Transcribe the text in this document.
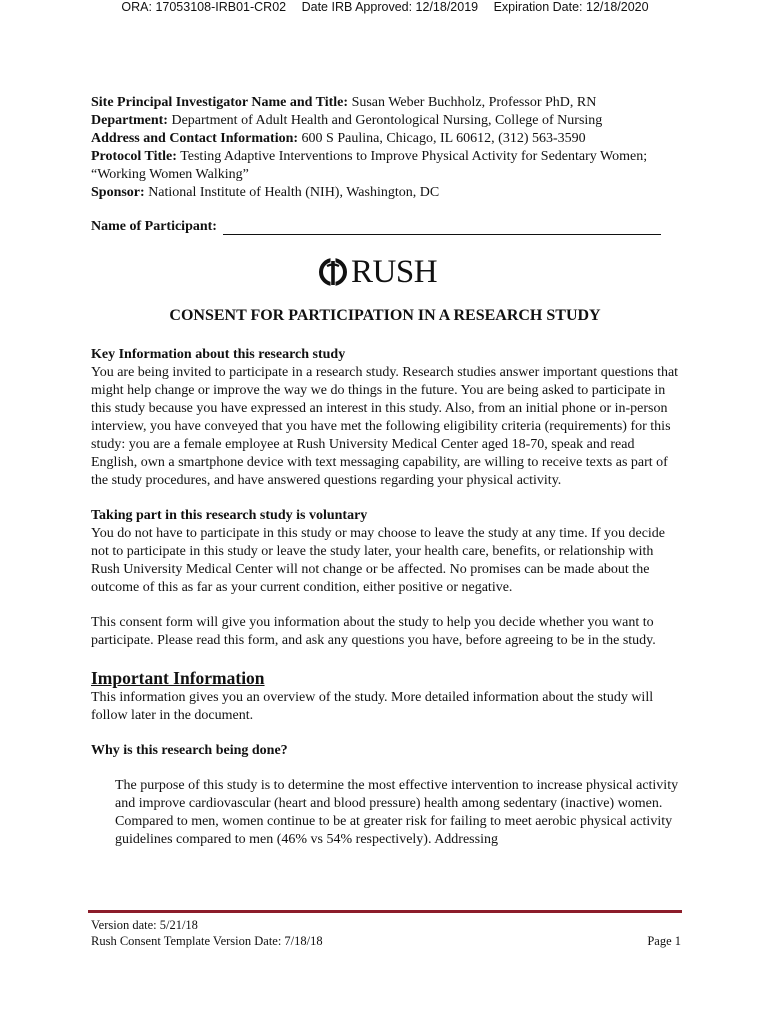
ORA: 17053108-IRB01-CR02 Date IRB Approved: 12/18/2019 Expiration Date: 12/18/2020
Site Principal Investigator Name and Title: Susan Weber Buchholz, Professor PhD, RN
Department: Department of Adult Health and Gerontological Nursing, College of Nursing
Address and Contact Information: 600 S Paulina, Chicago, IL 60612, (312) 563-3590
Protocol Title: Testing Adaptive Interventions to Improve Physical Activity for Sedentary Women; “Working Women Walking”
Sponsor: National Institute of Health (NIH), Washington, DC
Name of Participant:
RUSH
CONSENT FOR PARTICIPATION IN A RESEARCH STUDY
Key Information about this research study

You are being invited to participate in a research study. Research studies answer important questions that might help change or improve the way we do things in the future. You are being asked to participate in this study because you have expressed an interest in this study. Also, from an initial phone or in-person interview, you have conveyed that you have met the following eligibility criteria (requirements) for this study: you are a female employee at Rush University Medical Center aged 18-70, speak and read English, own a smartphone device with text messaging capability, are willing to receive texts as part of the study procedures, and have answered questions regarding your physical activity.

Taking part in this research study is voluntary

You do not have to participate in this study or may choose to leave the study at any time. If you decide not to participate in this study or leave the study later, your health care, benefits, or relationship with Rush University Medical Center will not change or be affected. No promises can be made about the outcome of this as far as your current condition, either positive or negative.

This consent form will give you information about the study to help you decide whether you want to participate. Please read this form, and ask any questions you have, before agreeing to be in the study.

Important Information

This information gives you an overview of the study. More detailed information about the study will follow later in the document.

Why is this research being done?

The purpose of this study is to determine the most effective intervention to increase physical activity and improve cardiovascular (heart and blood pressure) health among sedentary (inactive) women. Compared to men, women continue to be at greater risk for failing to meet aerobic physical activity guidelines compared to men (46% vs 54% respectively). Addressing

Version date: 5/21/18
Rush Consent Template Version Date: 7/18/18	Page 1
